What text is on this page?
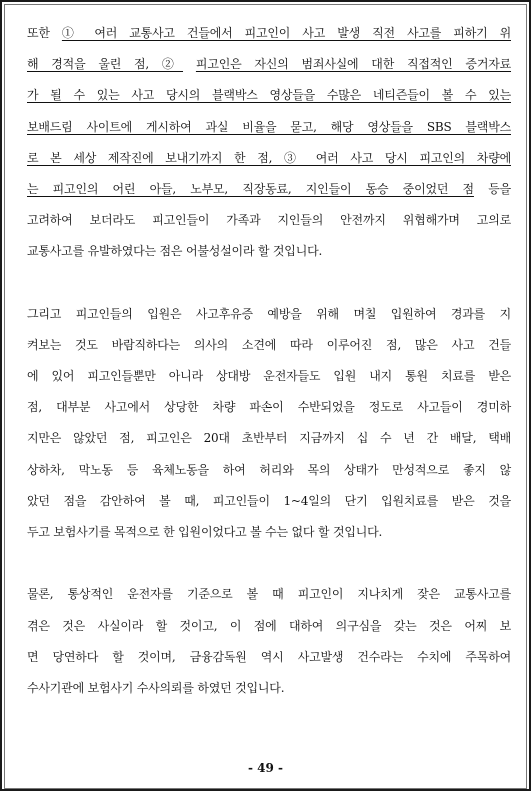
또한 ① 여러 교통사고 건들에서 피고인이 사고 발생 직전 사고를 피하기 위
해 경적을 울린 점, ② 피고인은 자신의 범죄사실에 대한 직접적인 증거자료
가 될 수 있는 사고 당시의 블랙박스 영상들을 수많은 네티즌들이 볼 수 있는
보배드림 사이트에 게시하여 과실 비율을 묻고, 해당 영상들을 SBS 블랙박스
로 본 세상 제작진에 보내기까지 한 점, ③ 여러 사고 당시 피고인의 차량에
는 피고인의 어린 아들, 노부모, 직장동료, 지인들이 동승 중이었던 점 등을
고려하여 보더라도 피고인들이 가족과 지인들의 안전까지 위협해가며 고의로
교통사고를 유발하였다는 점은 어불성설이라 할 것입니다.
그리고 피고인들의 입원은 사고후유증 예방을 위해 며칠 입원하여 경과를 지
켜보는 것도 바람직하다는 의사의 소견에 따라 이루어진 점, 많은 사고 건들
에 있어 피고인들뿐만 아니라 상대방 운전자들도 입원 내지 통원 치료를 받은
점, 대부분 사고에서 상당한 차량 파손이 수반되었을 정도로 사고들이 경미하
지만은 않았던 점, 피고인은 20대 초반부터 지금까지 십 수 년 간 배달, 택배
상하차, 막노동 등 육체노동을 하여 허리와 목의 상태가 만성적으로 좋지 않
았던 점을 감안하여 볼 때, 피고인들이 1~4일의 단기 입원치료를 받은 것을
두고 보험사기를 목적으로 한 입원이었다고 볼 수는 없다 할 것입니다.
물론, 통상적인 운전자를 기준으로 볼 때 피고인이 지나치게 잦은 교통사고를
겪은 것은 사실이라 할 것이고, 이 점에 대하여 의구심을 갖는 것은 어찌 보
면 당연하다 할 것이며, 금융감독원 역시 사고발생 건수라는 수치에 주목하여
수사기관에 보험사기 수사의뢰를 하였던 것입니다.
- 49 -
